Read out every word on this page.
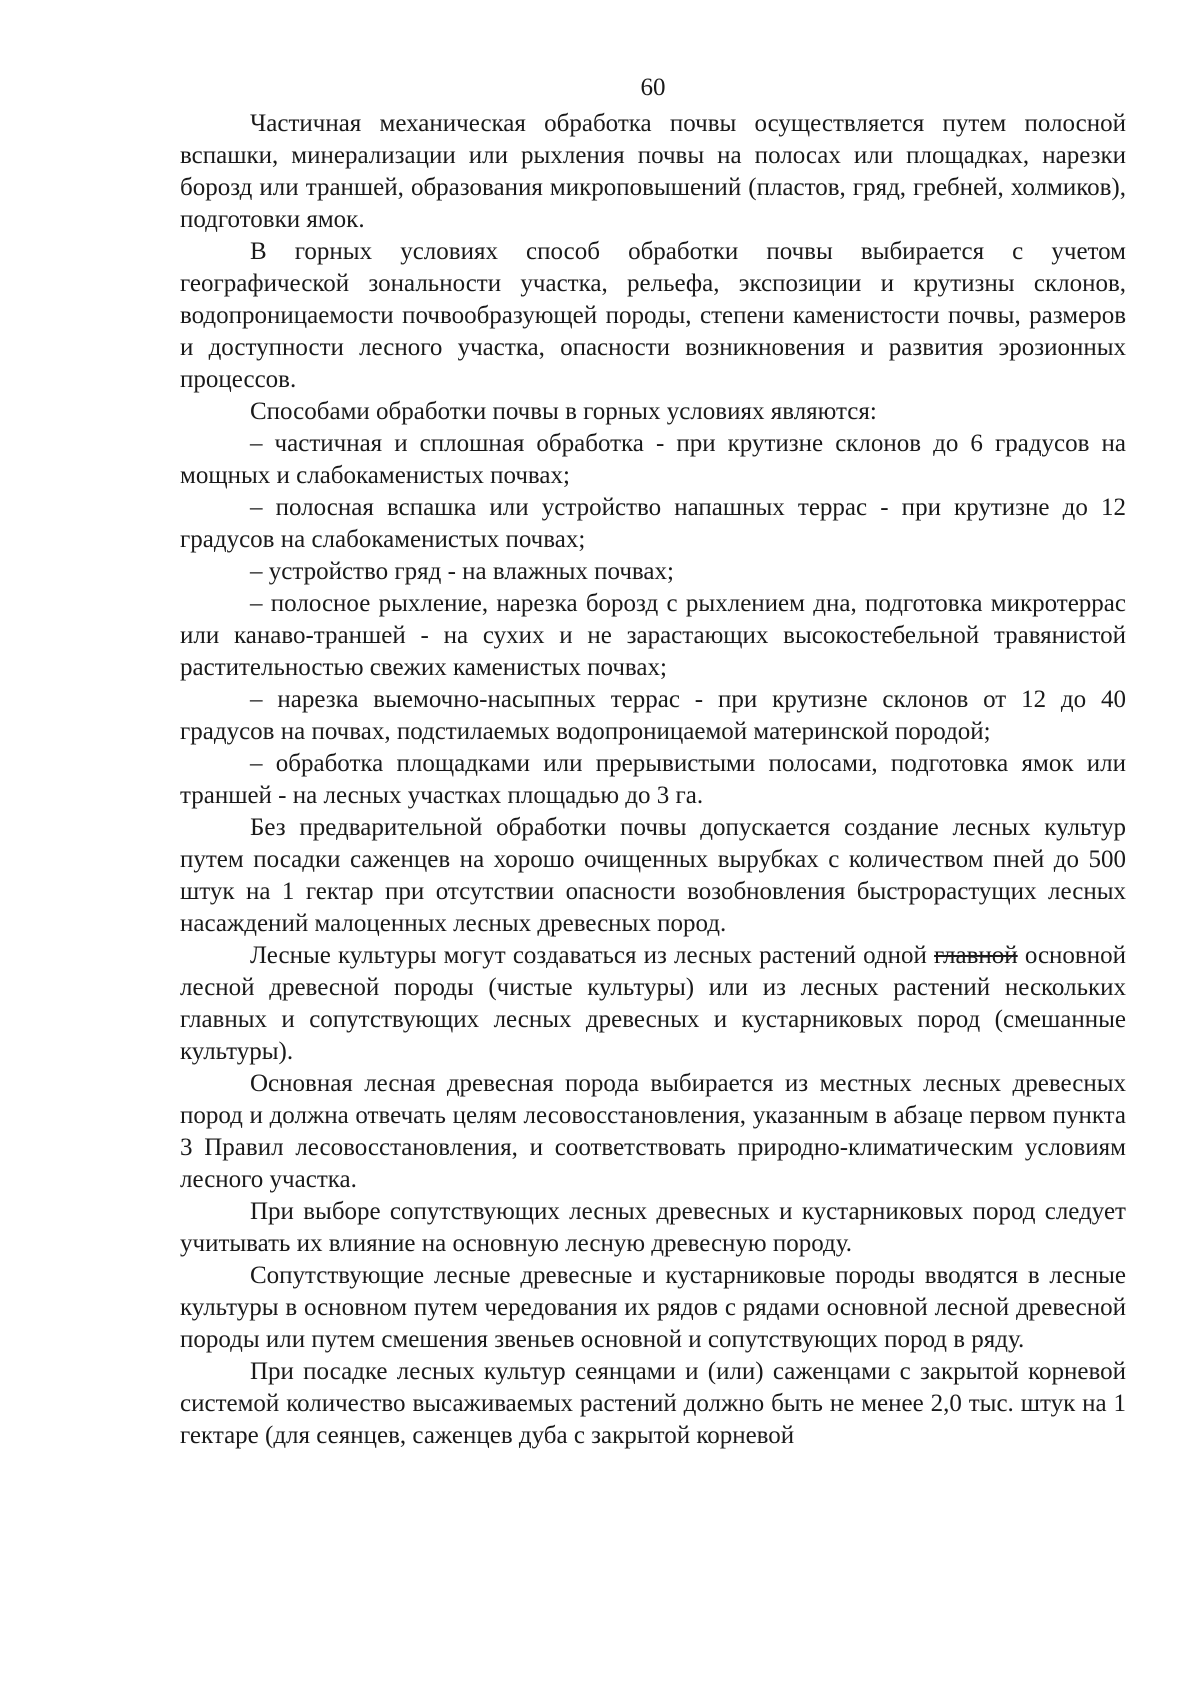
60

Частичная механическая обработка почвы осуществляется путем полосной вспашки, минерализации или рыхления почвы на полосах или площадках, нарезки борозд или траншей, образования микроповышений (пластов, гряд, гребней, холмиков), подготовки ямок.

В горных условиях способ обработки почвы выбирается с учетом географической зональности участка, рельефа, экспозиции и крутизны склонов, водопроницаемости почвообразующей породы, степени каменистости почвы, размеров и доступности лесного участка, опасности возникновения и развития эрозионных процессов.

Способами обработки почвы в горных условиях являются:

– частичная и сплошная обработка - при крутизне склонов до 6 градусов на мощных и слабокаменистых почвах;

– полосная вспашка или устройство напашных террас - при крутизне до 12 градусов на слабокаменистых почвах;

– устройство гряд - на влажных почвах;

– полосное рыхление, нарезка борозд с рыхлением дна, подготовка микротеррас или канаво-траншей - на сухих и не зарастающих высокостебельной травянистой растительностью свежих каменистых почвах;

– нарезка выемочно-насыпных террас - при крутизне склонов от 12 до 40 градусов на почвах, подстилаемых водопроницаемой материнской породой;

– обработка площадками или прерывистыми полосами, подготовка ямок или траншей - на лесных участках площадью до 3 га.

Без предварительной обработки почвы допускается создание лесных культур путем посадки саженцев на хорошо очищенных вырубках с количеством пней до 500 штук на 1 гектар при отсутствии опасности возобновления быстрорастущих лесных насаждений малоценных лесных древесных пород.

Лесные культуры могут создаваться из лесных растений одной главной основной лесной древесной породы (чистые культуры) или из лесных растений нескольких главных и сопутствующих лесных древесных и кустарниковых пород (смешанные культуры).

Основная лесная древесная порода выбирается из местных лесных древесных пород и должна отвечать целям лесовосстановления, указанным в абзаце первом пункта 3 Правил лесовосстановления, и соответствовать природно-климатическим условиям лесного участка.

При выборе сопутствующих лесных древесных и кустарниковых пород следует учитывать их влияние на основную лесную древесную породу.

Сопутствующие лесные древесные и кустарниковые породы вводятся в лесные культуры в основном путем чередования их рядов с рядами основной лесной древесной породы или путем смешения звеньев основной и сопутствующих пород в ряду.

При посадке лесных культур сеянцами и (или) саженцами с закрытой корневой системой количество высаживаемых растений должно быть не менее 2,0 тыс. штук на 1 гектаре (для сеянцев, саженцев дуба с закрытой корневой
